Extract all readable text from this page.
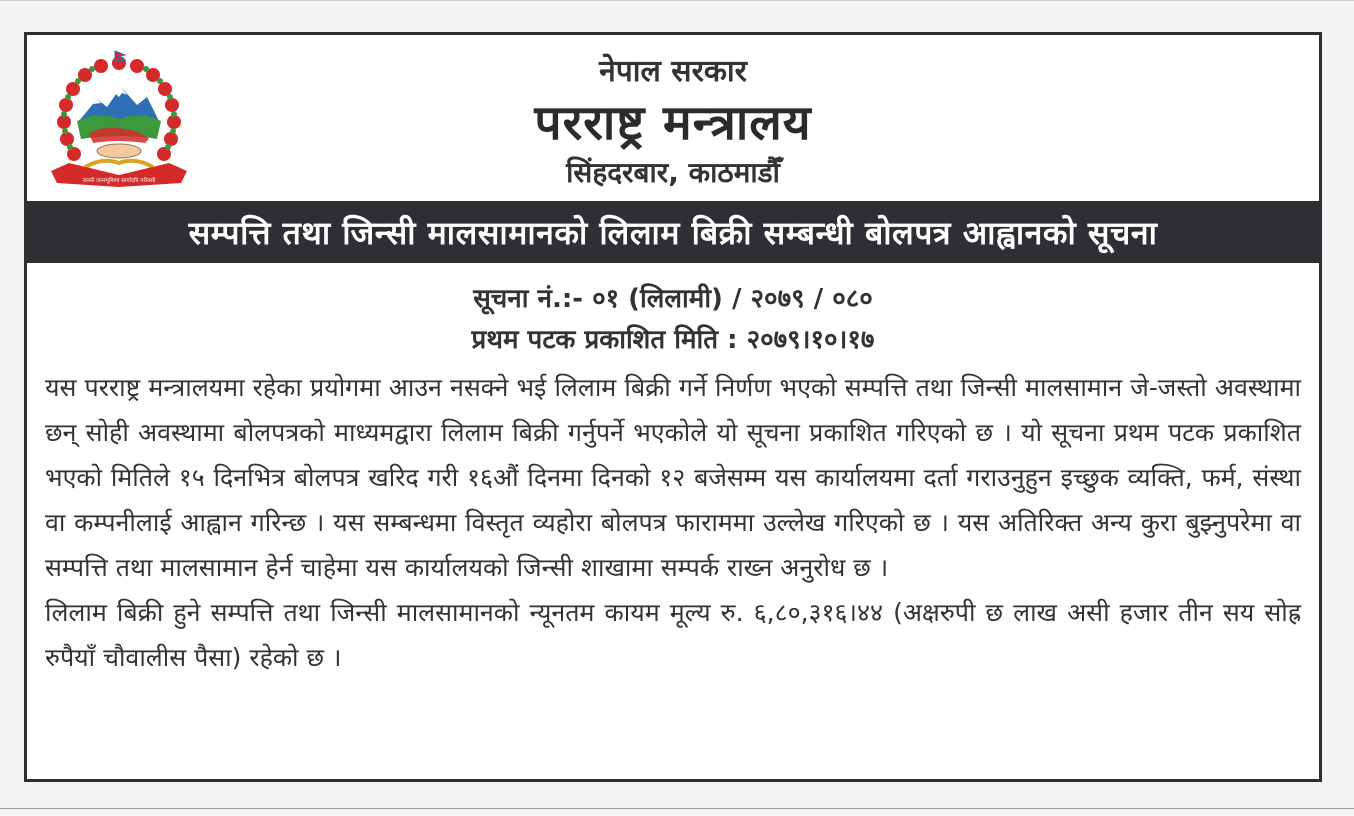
जननी जन्मभूमिश्च स्वर्गादपि गरीयसी
नेपाल सरकार
परराष्ट्र मन्त्रालय
सिंहदरबार, काठमाडौँ
सम्पत्ति तथा जिन्सी मालसामानको लिलाम बिक्री सम्बन्धी बोलपत्र आह्वानको सूचना
सूचना नं.:- ०१ (लिलामी) / २०७९ / ०८०
प्रथम पटक प्रकाशित मिति : २०७९।१०।१७

यस परराष्ट्र मन्त्रालयमा रहेका प्रयोगमा आउन नसक्ने भई लिलाम बिक्री गर्ने निर्णण भएको सम्पत्ति तथा जिन्सी मालसामान जे-जस्तो अवस्थामा छन् सोही अवस्थामा बोलपत्रको माध्यमद्वारा लिलाम बिक्री गर्नुपर्ने भएकोले यो सूचना प्रकाशित गरिएको छ । यो सूचना प्रथम पटक प्रकाशित भएको मितिले १५ दिनभित्र बोलपत्र खरिद गरी १६औं दिनमा दिनको १२ बजेसम्म यस कार्यालयमा दर्ता गराउनुहुन इच्छुक व्यक्ति, फर्म, संस्था वा कम्पनीलाई आह्वान गरिन्छ । यस सम्बन्धमा विस्तृत व्यहोरा बोलपत्र फाराममा उल्लेख गरिएको छ । यस अतिरिक्त अन्य कुरा बुझ्नुपरेमा वा सम्पत्ति तथा मालसामान हेर्न चाहेमा यस कार्यालयको जिन्सी शाखामा सम्पर्क राख्न अनुरोध छ ।

लिलाम बिक्री हुने सम्पत्ति तथा जिन्सी मालसामानको न्यूनतम कायम मूल्य रु. ६,८०,३१६।४४ (अक्षरुपी छ लाख असी हजार तीन सय सोह्र रुपैयाँ चौवालीस पैसा) रहेको छ ।
